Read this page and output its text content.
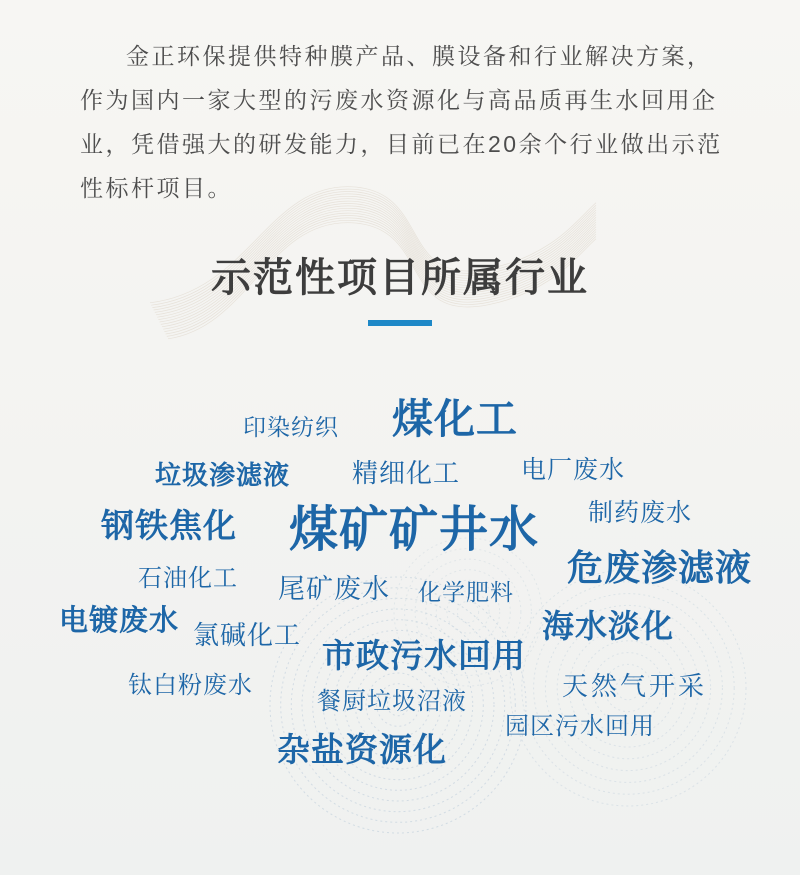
金正环保提供特种膜产品、膜设备和行业解决方案，
作为国内一家大型的污废水资源化与高品质再生水回用企
业，凭借强大的研发能力，目前已在20余个行业做出示范
性标杆项目。
示范性项目所属行业
印染纺织 煤化工
垃圾渗滤液 精细化工 电厂废水
钢铁焦化 煤矿矿井水 制药废水
石油化工 尾矿废水 化学肥料
危废渗滤液
电镀废水 氯碱化工
市政污水回用
海水淡化
钛白粉废水
餐厨垃圾沼液
天然气开采
园区污水回用
杂盐资源化
